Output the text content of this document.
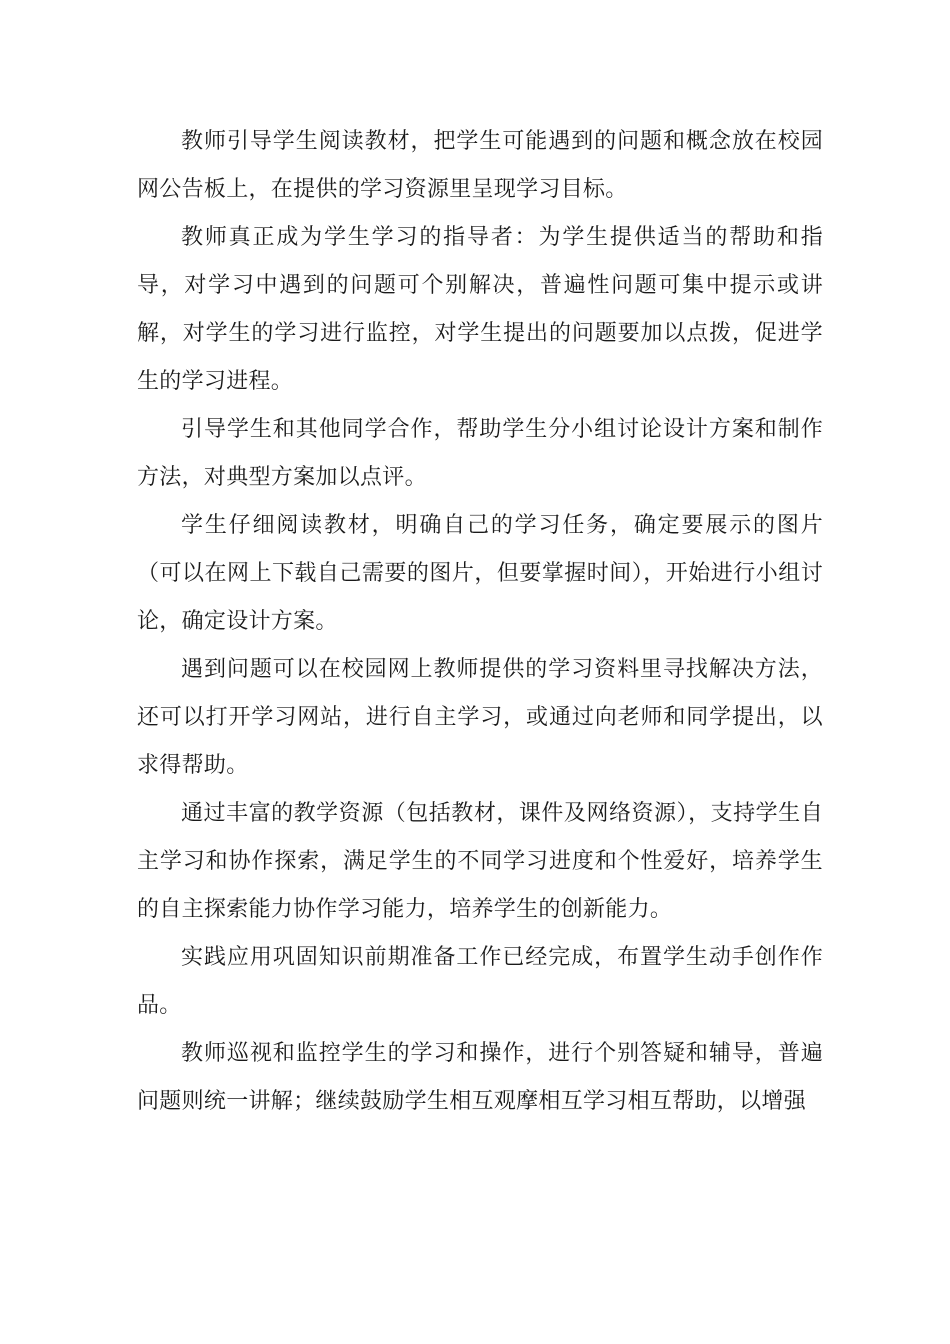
教师引导学生阅读教材，把学生可能遇到的问题和概念放在校园网公告板上，在提供的学习资源里呈现学习目标。

教师真正成为学生学习的指导者：为学生提供适当的帮助和指导，对学习中遇到的问题可个别解决，普遍性问题可集中提示或讲解，对学生的学习进行监控，对学生提出的问题要加以点拨，促进学生的学习进程。

引导学生和其他同学合作，帮助学生分小组讨论设计方案和制作方法，对典型方案加以点评。

学生仔细阅读教材，明确自己的学习任务，确定要展示的图片（可以在网上下载自己需要的图片，但要掌握时间），开始进行小组讨论，确定设计方案。

遇到问题可以在校园网上教师提供的学习资料里寻找解决方法，还可以打开学习网站，进行自主学习，或通过向老师和同学提出，以求得帮助。

通过丰富的教学资源（包括教材，课件及网络资源），支持学生自主学习和协作探索，满足学生的不同学习进度和个性爱好，培养学生的自主探索能力协作学习能力，培养学生的创新能力。

实践应用巩固知识前期准备工作已经完成，布置学生动手创作作品。

教师巡视和监控学生的学习和操作，进行个别答疑和辅导，普遍问题则统一讲解；继续鼓励学生相互观摩相互学习相互帮助，以增强
